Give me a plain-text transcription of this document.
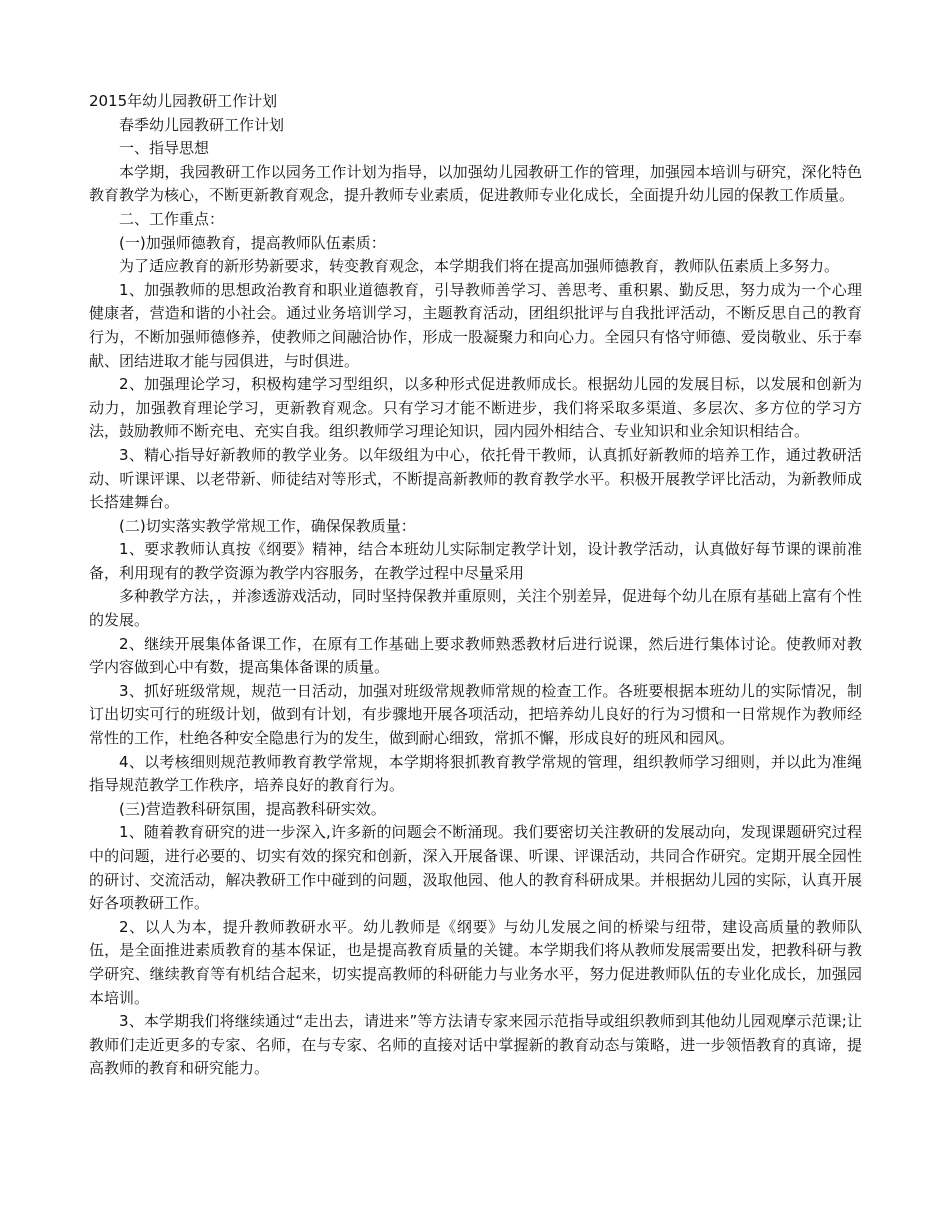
2015年幼儿园教研工作计划

春季幼儿园教研工作计划

一、指导思想

本学期，我园教研工作以园务工作计划为指导，以加强幼儿园教研工作的管理，加强园本培训与研究，深化特色教育教学为核心，不断更新教育观念，提升教师专业素质，促进教师专业化成长，全面提升幼儿园的保教工作质量。

二、工作重点：

(一)加强师德教育，提高教师队伍素质：

为了适应教育的新形势新要求，转变教育观念，本学期我们将在提高加强师德教育，教师队伍素质上多努力。

1、加强教师的思想政治教育和职业道德教育，引导教师善学习、善思考、重积累、勤反思，努力成为一个心理健康者，营造和谐的小社会。通过业务培训学习，主题教育活动，团组织批评与自我批评活动，不断反思自己的教育行为，不断加强师德修养，使教师之间融洽协作，形成一股凝聚力和向心力。全园只有恪守师德、爱岗敬业、乐于奉献、团结进取才能与园俱进，与时俱进。

2、加强理论学习，积极构建学习型组织，以多种形式促进教师成长。根据幼儿园的发展目标，以发展和创新为动力，加强教育理论学习，更新教育观念。只有学习才能不断进步，我们将采取多渠道、多层次、多方位的学习方法，鼓励教师不断充电、充实自我。组织教师学习理论知识，园内园外相结合、专业知识和业余知识相结合。

3、精心指导好新教师的教学业务。以年级组为中心，依托骨干教师，认真抓好新教师的培养工作，通过教研活动、听课评课、以老带新、师徒结对等形式，不断提高新教师的教育教学水平。积极开展教学评比活动，为新教师成长搭建舞台。

(二)切实落实教学常规工作，确保保教质量：

1、要求教师认真按《纲要》精神，结合本班幼儿实际制定教学计划，设计教学活动，认真做好每节课的课前准备，利用现有的教学资源为教学内容服务，在教学过程中尽量采用

多种教学方法，，并渗透游戏活动，同时坚持保教并重原则，关注个别差异，促进每个幼儿在原有基础上富有个性的发展。

2、继续开展集体备课工作，在原有工作基础上要求教师熟悉教材后进行说课，然后进行集体讨论。使教师对教学内容做到心中有数，提高集体备课的质量。

3、抓好班级常规，规范一日活动，加强对班级常规教师常规的检查工作。各班要根据本班幼儿的实际情况，制订出切实可行的班级计划，做到有计划，有步骤地开展各项活动，把培养幼儿良好的行为习惯和一日常规作为教师经常性的工作，杜绝各种安全隐患行为的发生，做到耐心细致，常抓不懈，形成良好的班风和园风。

4、以考核细则规范教师教育教学常规，本学期将狠抓教育教学常规的管理，组织教师学习细则，并以此为准绳指导规范教学工作秩序，培养良好的教育行为。

(三)营造教科研氛围，提高教科研实效。

1、随着教育研究的进一步深入,许多新的问题会不断涌现。我们要密切关注教研的发展动向，发现课题研究过程中的问题，进行必要的、切实有效的探究和创新，深入开展备课、听课、评课活动，共同合作研究。定期开展全园性的研讨、交流活动，解决教研工作中碰到的问题，汲取他园、他人的教育科研成果。并根据幼儿园的实际，认真开展好各项教研工作。

2、以人为本，提升教师教研水平。幼儿教师是《纲要》与幼儿发展之间的桥梁与纽带，建设高质量的教师队伍，是全面推进素质教育的基本保证，也是提高教育质量的关键。本学期我们将从教师发展需要出发，把教科研与教学研究、继续教育等有机结合起来，切实提高教师的科研能力与业务水平，努力促进教师队伍的专业化成长，加强园本培训。

3、本学期我们将继续通过“走出去，请进来”等方法请专家来园示范指导或组织教师到其他幼儿园观摩示范课;让教师们走近更多的专家、名师，在与专家、名师的直接对话中掌握新的教育动态与策略，进一步领悟教育的真谛，提高教师的教育和研究能力。
